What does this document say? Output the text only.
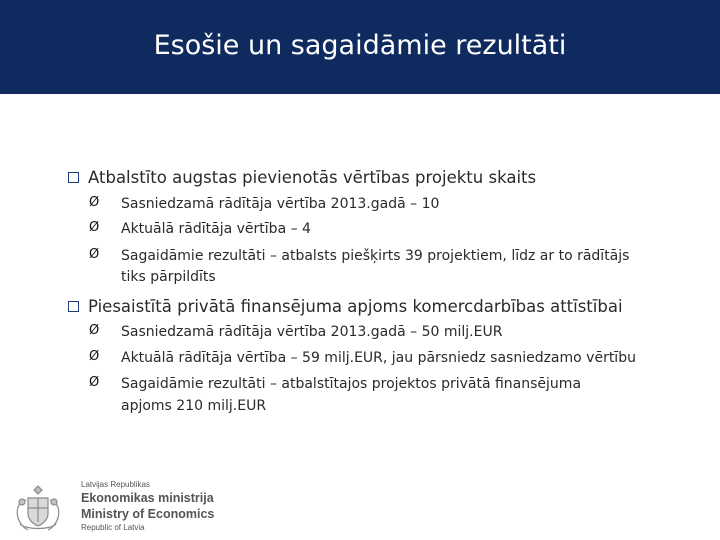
Esošie un sagaidāmie rezultāti
Atbalstīto augstas pievienotās vērtības projektu skaits
Ø Sasniedzamā rādītāja vērtība 2013.gadā – 10
Ø Aktuālā rādītāja vērtība – 4
Ø Sagaidāmie rezultāti – atbalsts piešķirts 39 projektiem, līdz ar to rādītājs
tiks pārpildīts
Piesaistītā privātā finansējuma apjoms komercdarbības attīstībai
Ø Sasniedzamā rādītāja vērtība 2013.gadā – 50 milj.EUR
Ø Aktuālā rādītāja vērtība – 59 milj.EUR, jau pārsniedz sasniedzamo vērtību
Ø Sagaidāmie rezultāti – atbalstītajos projektos privātā finansējuma
apjoms 210 milj.EUR
Latvijas Republikas
Ekonomikas ministrija
Ministry of Economics
Republic of Latvia
